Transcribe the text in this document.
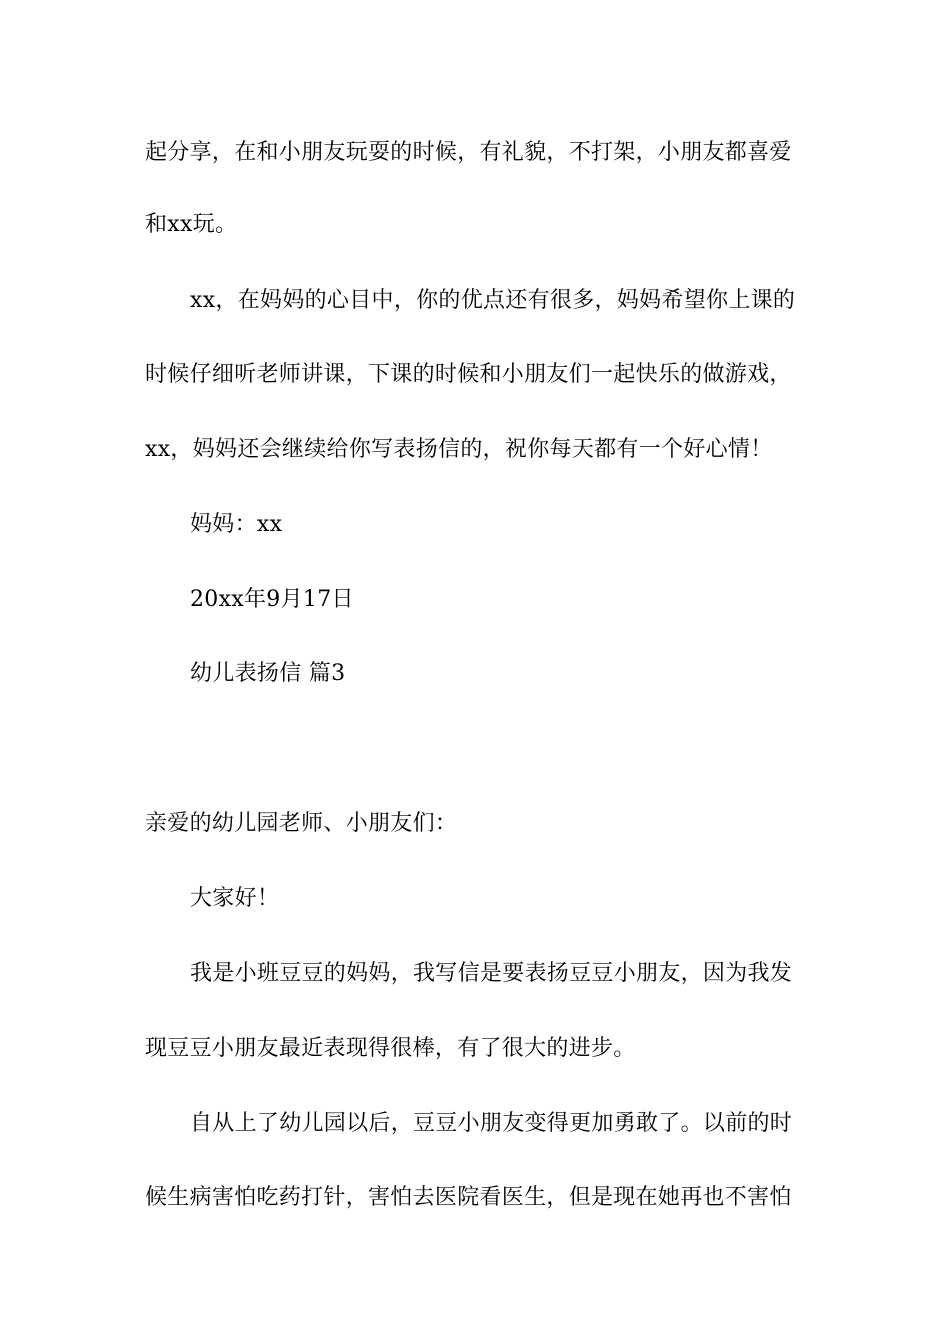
起分享，在和小朋友玩耍的时候，有礼貌，不打架，小朋友都喜爱
和xx玩。
xx，在妈妈的心目中，你的优点还有很多，妈妈希望你上课的
时候仔细听老师讲课，下课的时候和小朋友们一起快乐的做游戏，
xx，妈妈还会继续给你写表扬信的，祝你每天都有一个好心情！
妈妈：xx
20xx年9月17日
幼儿表扬信 篇3
亲爱的幼儿园老师、小朋友们：
大家好！
我是小班豆豆的妈妈，我写信是要表扬豆豆小朋友，因为我发
现豆豆小朋友最近表现得很棒，有了很大的进步。
自从上了幼儿园以后，豆豆小朋友变得更加勇敢了。以前的时
候生病害怕吃药打针，害怕去医院看医生，但是现在她再也不害怕
